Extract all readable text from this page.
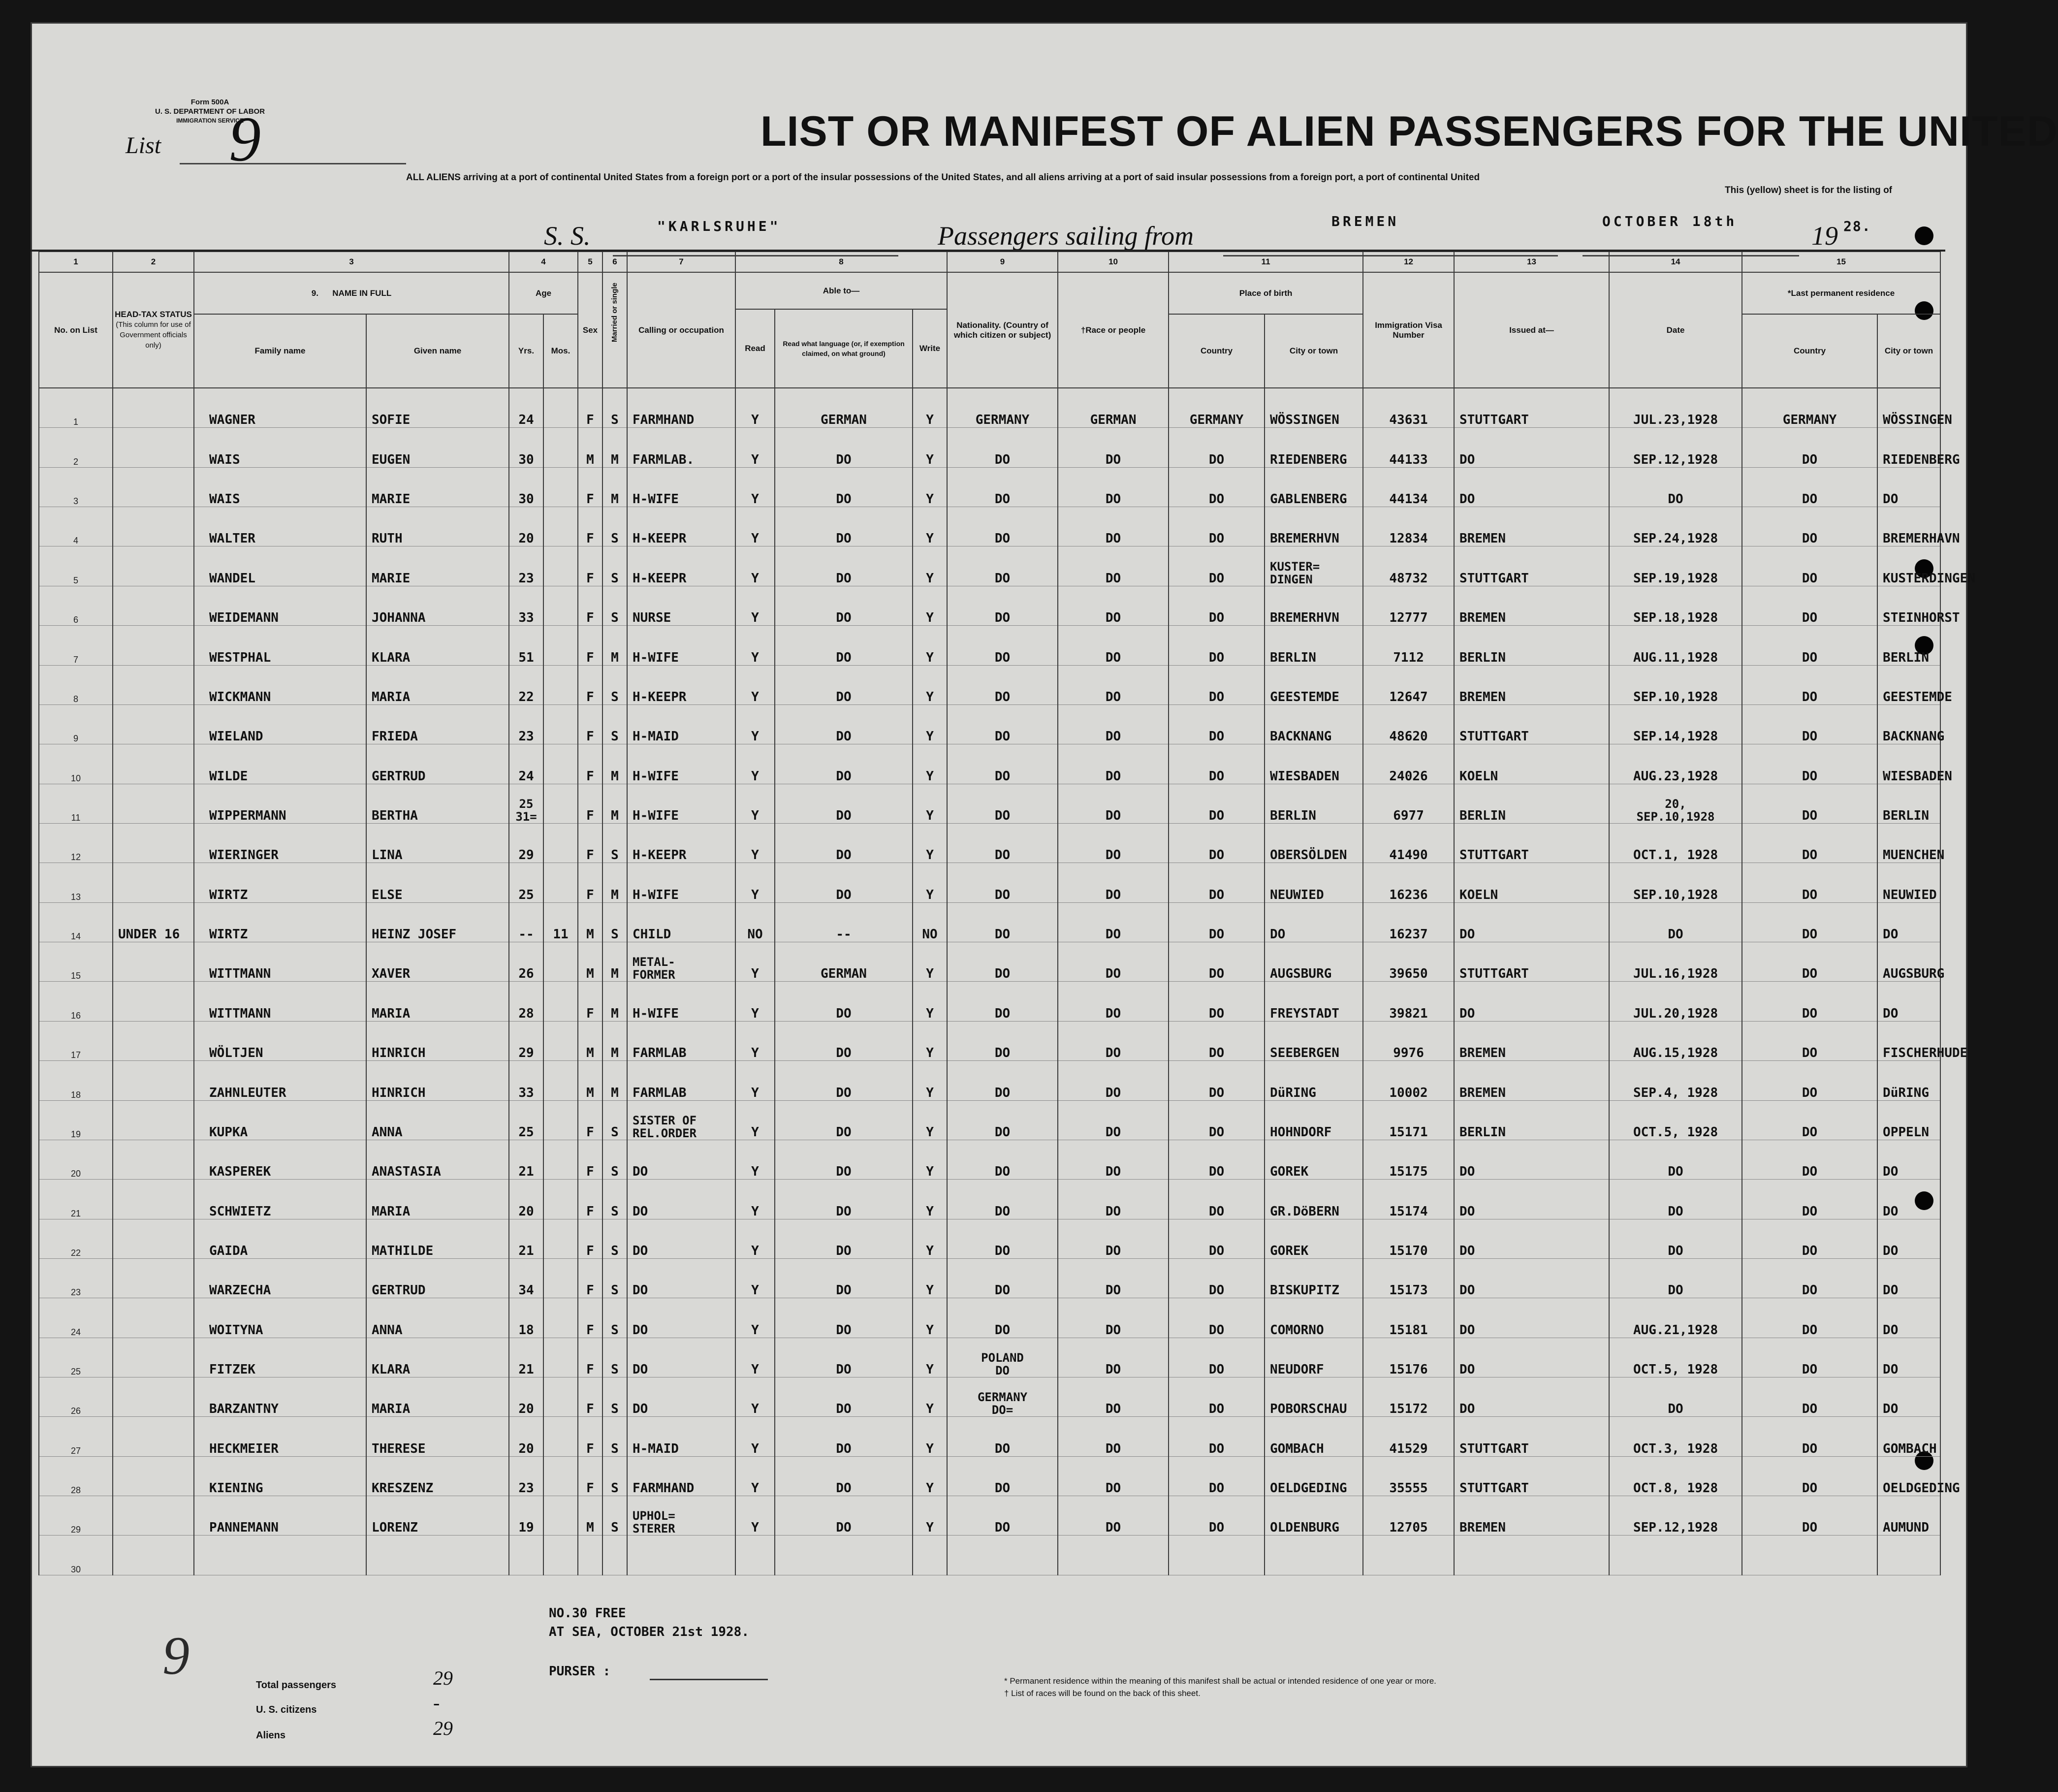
Form 500A
U. S. DEPARTMENT OF LABOR
IMMIGRATION SERVICE
List 9	LIST OR MANIFEST OF ALIEN PASSENGERS FOR THE UNITED
ALL ALIENS arriving at a port of continental United States from a foreign port or a port of the insular possessions of the United States, and all aliens arriving at a port of said insular possessions from a foreign port, a port of continental United
This (yellow) sheet is for the listing of
S. S.	"KARLSRUHE"	Passengers sailing from	BREMEN	OCTOBER 18th	19 28.
1	2	3		4		5	6	7	8			9	10	11		12	13	14	15	
No. on List	HEAD-TAX STATUS
(This column for use of Government officials only)	9. NAME IN FULL		Age		Sex	Married or single	Calling or occupation	Able to—			Nationality. (Country of which citizen or subject)	†Race or people	Place of birth		Immigration Visa Number	Issued at—	Date	*Last permanent residence	
									Read	Read what language (or, if exemption claimed, on what ground)	Write									
		Family name	Given name	Yrs.	Mos.									Country	City or town				Country	City or town
1		WAGNER	SOFIE	24		F	S	FARMHAND	Y	GERMAN	Y	GERMANY	GERMAN	GERMANY	WÖSSINGEN	43631	STUTTGART	JUL.23,1928	GERMANY	WÖSSINGEN
2		WAIS	EUGEN	30		M	M	FARMLAB.	Y	DO	Y	DO	DO	DO	RIEDENBERG	44133	DO	SEP.12,1928	DO	RIEDENBERG
3		WAIS	MARIE	30		F	M	H-WIFE	Y	DO	Y	DO	DO	DO	GABLENBERG	44134	DO	DO	DO	DO
4		WALTER	RUTH	20		F	S	H-KEEPR	Y	DO	Y	DO	DO	DO	BREMERHVN	12834	BREMEN	SEP.24,1928	DO	BREMERHAVN
5		WANDEL	MARIE	23		F	S	H-KEEPR	Y	DO	Y	DO	DO	DO	KUSTER=
DINGEN	48732	STUTTGART	SEP.19,1928	DO	KUSTERDINGEN
6		WEIDEMANN	JOHANNA	33		F	S	NURSE	Y	DO	Y	DO	DO	DO	BREMERHVN	12777	BREMEN	SEP.18,1928	DO	STEINHORST
7		WESTPHAL	KLARA	51		F	M	H-WIFE	Y	DO	Y	DO	DO	DO	BERLIN	7112	BERLIN	AUG.11,1928	DO	BERLIN
8		WICKMANN	MARIA	22		F	S	H-KEEPR	Y	DO	Y	DO	DO	DO	GEESTEMDE	12647	BREMEN	SEP.10,1928	DO	GEESTEMDE
9		WIELAND	FRIEDA	23		F	S	H-MAID	Y	DO	Y	DO	DO	DO	BACKNANG	48620	STUTTGART	SEP.14,1928	DO	BACKNANG
10		WILDE	GERTRUD	24		F	M	H-WIFE	Y	DO	Y	DO	DO	DO	WIESBADEN	24026	KOELN	AUG.23,1928	DO	WIESBADEN
11		WIPPERMANN	BERTHA	25
31=		F	M	H-WIFE	Y	DO	Y	DO	DO	DO	BERLIN	6977	BERLIN	20,
SEP.10,1928	DO	BERLIN
12		WIERINGER	LINA	29		F	S	H-KEEPR	Y	DO	Y	DO	DO	DO	OBERSÖLDEN	41490	STUTTGART	OCT.1, 1928	DO	MUENCHEN
13		WIRTZ	ELSE	25		F	M	H-WIFE	Y	DO	Y	DO	DO	DO	NEUWIED	16236	KOELN	SEP.10,1928	DO	NEUWIED
14	UNDER 16	WIRTZ	HEINZ JOSEF	--	11	M	S	CHILD	NO	--	NO	DO	DO	DO	DO	16237	DO	DO	DO	DO
15		WITTMANN	XAVER	26		M	M	METAL-
FORMER	Y	GERMAN	Y	DO	DO	DO	AUGSBURG	39650	STUTTGART	JUL.16,1928	DO	AUGSBURG
16		WITTMANN	MARIA	28		F	M	H-WIFE	Y	DO	Y	DO	DO	DO	FREYSTADT	39821	DO	JUL.20,1928	DO	DO
17		WÖLTJEN	HINRICH	29		M	M	FARMLAB	Y	DO	Y	DO	DO	DO	SEEBERGEN	9976	BREMEN	AUG.15,1928	DO	FISCHERHUDE
18		ZAHNLEUTER	HINRICH	33		M	M	FARMLAB	Y	DO	Y	DO	DO	DO	DüRING	10002	BREMEN	SEP.4, 1928	DO	DüRING
19		KUPKA	ANNA	25		F	S	SISTER OF
REL.ORDER	Y	DO	Y	DO	DO	DO	HOHNDORF	15171	BERLIN	OCT.5, 1928	DO	OPPELN
20		KASPEREK	ANASTASIA	21		F	S	DO	Y	DO	Y	DO	DO	DO	GOREK	15175	DO	DO	DO	DO
21		SCHWIETZ	MARIA	20		F	S	DO	Y	DO	Y	DO	DO	DO	GR.DöBERN	15174	DO	DO	DO	DO
22		GAIDA	MATHILDE	21		F	S	DO	Y	DO	Y	DO	DO	DO	GOREK	15170	DO	DO	DO	DO
23		WARZECHA	GERTRUD	34		F	S	DO	Y	DO	Y	DO	DO	DO	BISKUPITZ	15173	DO	DO	DO	DO
24		WOITYNA	ANNA	18		F	S	DO	Y	DO	Y	DO	DO	DO	COMORNO	15181	DO	AUG.21,1928	DO	DO
25		FITZEK	KLARA	21		F	S	DO	Y	DO	Y	POLAND
DO	DO	DO	NEUDORF	15176	DO	OCT.5, 1928	DO	DO
26		BARZANTNY	MARIA	20		F	S	DO	Y	DO	Y	GERMANY
DO=	DO	DO	POBORSCHAU	15172	DO	DO	DO	DO
27		HECKMEIER	THERESE	20		F	S	H-MAID	Y	DO	Y	DO	DO	DO	GOMBACH	41529	STUTTGART	OCT.3, 1928	DO	GOMBACH
28		KIENING	KRESZENZ	23		F	S	FARMHAND	Y	DO	Y	DO	DO	DO	OELDGEDING	35555	STUTTGART	OCT.8, 1928	DO	OELDGEDING
29		PANNEMANN	LORENZ	19		M	S	UPHOL=
STERER	Y	DO	Y	DO	DO	DO	OLDENBURG	12705	BREMEN	SEP.12,1928	DO	AUMUND
30																				
NO.30 FREE
AT SEA, OCTOBER 21st 1928.
PURSER :
9	Total passengers	29
U. S. citizens	-
Aliens	29
* Permanent residence within the meaning of this manifest shall be actual or intended residence of one year or more.
† List of races will be found on the back of this sheet.
